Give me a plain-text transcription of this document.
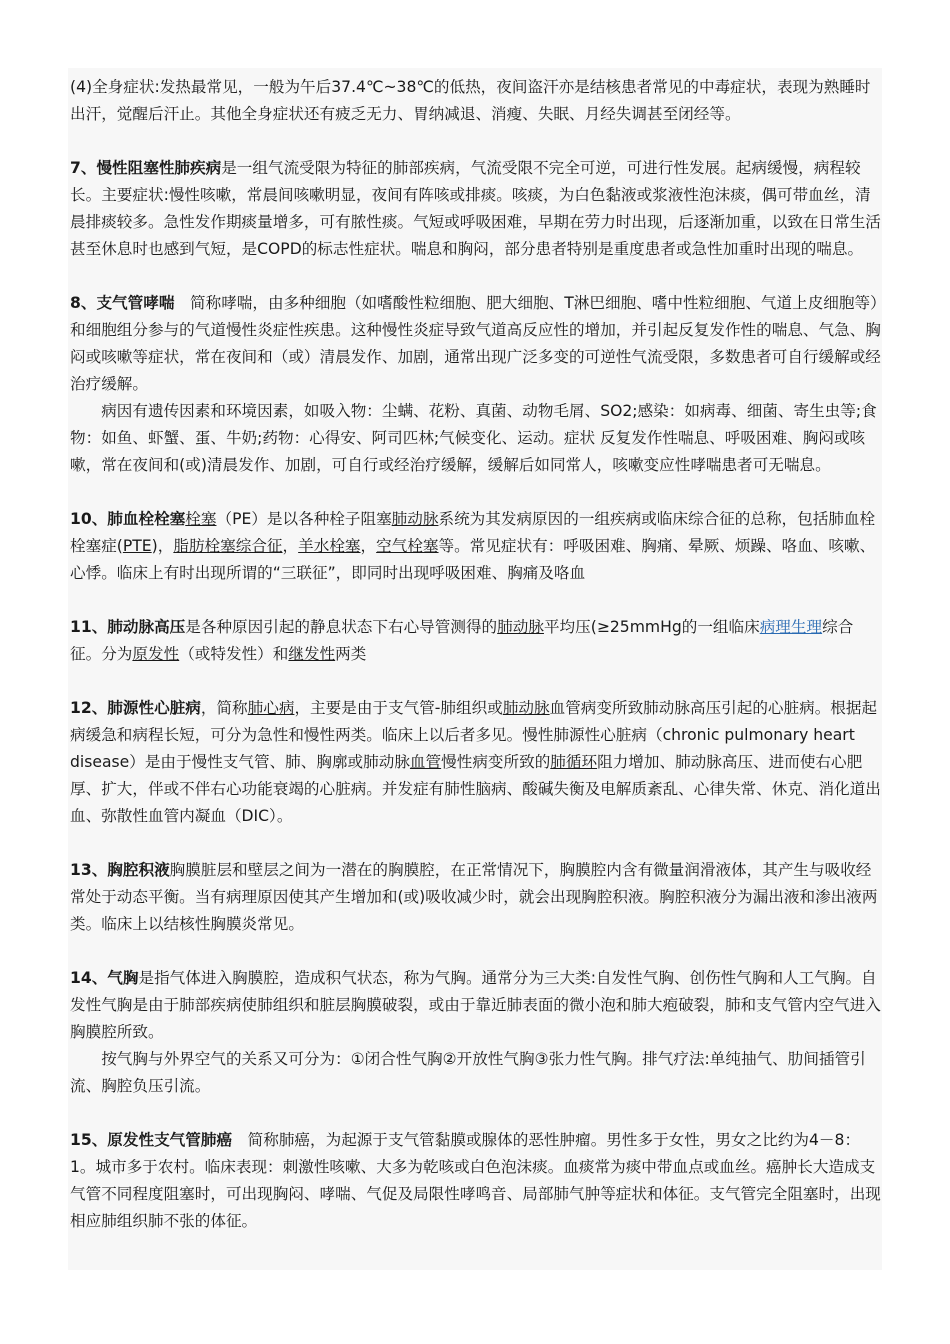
(4)全身症状:发热最常见，一般为午后37.4℃~38℃的低热，夜间盗汗亦是结核患者常见的中毒症状，表现为熟睡时出汗，觉醒后汗止。其他全身症状还有疲乏无力、胃纳减退、消瘦、失眠、月经失调甚至闭经等。

7、慢性阻塞性肺疾病是一组气流受限为特征的肺部疾病，气流受限不完全可逆，可进行性发展。起病缓慢，病程较长。主要症状:慢性咳嗽，常晨间咳嗽明显，夜间有阵咳或排痰。咳痰，为白色黏液或浆液性泡沫痰，偶可带血丝，清晨排痰较多。急性发作期痰量增多，可有脓性痰。气短或呼吸困难，早期在劳力时出现，后逐渐加重，以致在日常生活甚至休息时也感到气短，是COPD的标志性症状。喘息和胸闷，部分患者特别是重度患者或急性加重时出现的喘息。

8、支气管哮喘　简称哮喘，由多种细胞（如嗜酸性粒细胞、肥大细胞、T淋巴细胞、嗜中性粒细胞、气道上皮细胞等）和细胞组分参与的气道慢性炎症性疾患。这种慢性炎症导致气道高反应性的增加，并引起反复发作性的喘息、气急、胸闷或咳嗽等症状，常在夜间和（或）清晨发作、加剧，通常出现广泛多变的可逆性气流受限，多数患者可自行缓解或经治疗缓解。

病因有遗传因素和环境因素，如吸入物：尘螨、花粉、真菌、动物毛屑、SO2;感染：如病毒、细菌、寄生虫等;食物：如鱼、虾蟹、蛋、牛奶;药物：心得安、阿司匹林;气候变化、运动。症状 反复发作性喘息、呼吸困难、胸闷或咳嗽，常在夜间和(或)清晨发作、加剧，可自行或经治疗缓解，缓解后如同常人，咳嗽变应性哮喘患者可无喘息。

10、肺血栓栓塞栓塞（PE）是以各种栓子阻塞肺动脉系统为其发病原因的一组疾病或临床综合征的总称，包括肺血栓栓塞症(PTE)，脂肪栓塞综合征，羊水栓塞，空气栓塞等。常见症状有：呼吸困难、胸痛、晕厥、烦躁、咯血、咳嗽、心悸。临床上有时出现所谓的“三联征”，即同时出现呼吸困难、胸痛及咯血

11、肺动脉高压是各种原因引起的静息状态下右心导管测得的肺动脉平均压(≥25mmHg的一组临床病理生理综合征。分为原发性（或特发性）和继发性两类

12、肺源性心脏病，简称肺心病，主要是由于支气管-肺组织或肺动脉血管病变所致肺动脉高压引起的心脏病。根据起病缓急和病程长短，可分为急性和慢性两类。临床上以后者多见。慢性肺源性心脏病（chronic pulmonary heart disease）是由于慢性支气管、肺、胸廓或肺动脉血管慢性病变所致的肺循环阻力增加、肺动脉高压、进而使右心肥厚、扩大，伴或不伴右心功能衰竭的心脏病。并发症有肺性脑病、酸碱失衡及电解质紊乱、心律失常、休克、消化道出血、弥散性血管内凝血（DIC）。

13、胸腔积液胸膜脏层和壁层之间为一潜在的胸膜腔，在正常情况下，胸膜腔内含有微量润滑液体，其产生与吸收经常处于动态平衡。当有病理原因使其产生增加和(或)吸收减少时，就会出现胸腔积液。胸腔积液分为漏出液和渗出液两类。临床上以结核性胸膜炎常见。

14、气胸是指气体进入胸膜腔，造成积气状态，称为气胸。通常分为三大类:自发性气胸、创伤性气胸和人工气胸。自发性气胸是由于肺部疾病使肺组织和脏层胸膜破裂，或由于靠近肺表面的微小泡和肺大疱破裂，肺和支气管内空气进入胸膜腔所致。

按气胸与外界空气的关系又可分为：①闭合性气胸②开放性气胸③张力性气胸。排气疗法:单纯抽气、肋间插管引流、胸腔负压引流。

15、原发性支气管肺癌　简称肺癌，为起源于支气管黏膜或腺体的恶性肿瘤。男性多于女性，男女之比约为4－8：1。城市多于农村。临床表现：刺激性咳嗽、大多为乾咳或白色泡沫痰。血痰常为痰中带血点或血丝。癌肿长大造成支气管不同程度阻塞时，可出现胸闷、哮喘、气促及局限性哮鸣音、局部肺气肿等症状和体征。支气管完全阻塞时，出现相应肺组织肺不张的体征。
